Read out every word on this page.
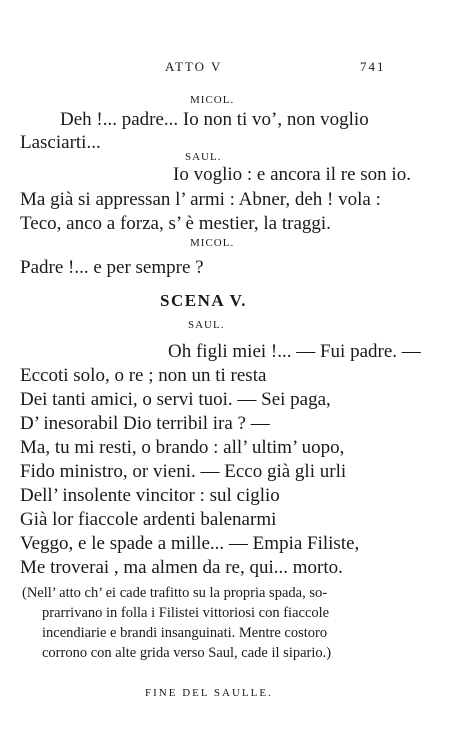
ATTO V	741
MICOL.
Deh !... padre... Io non ti vo’, non voglio
Lasciarti...
SAUL.
Io voglio : e ancora il re son io.
Ma già si appressan l’ armi : Abner, deh ! vola :
Teco, anco a forza, s’ è mestier, la traggi.
MICOL.
Padre !... e per sempre ?
SCENA V.
SAUL.
Oh figli miei !... — Fui padre. —
Eccoti solo, o re ; non un ti resta
Dei tanti amici, o servi tuoi. — Sei paga,
D’ inesorabil Dio terribil ira ? —
Ma, tu mi resti, o brando : all’ ultim’ uopo,
Fido ministro, or vieni. — Ecco già gli urli
Dell’ insolente vincitor : sul ciglio
Già lor fiaccole ardenti balenarmi
Veggo, e le spade a mille... — Empia Filiste,
Me troverai , ma almen da re, qui... morto.
(Nell’ atto ch’ ei cade trafitto su la propria spada, so-
prarrivano in folla i Filistei vittoriosi con fiaccole
incendiarie e brandi insanguinati. Mentre costoro
corrono con alte grida verso Saul, cade il sipario.)
FINE DEL SAULLE.
